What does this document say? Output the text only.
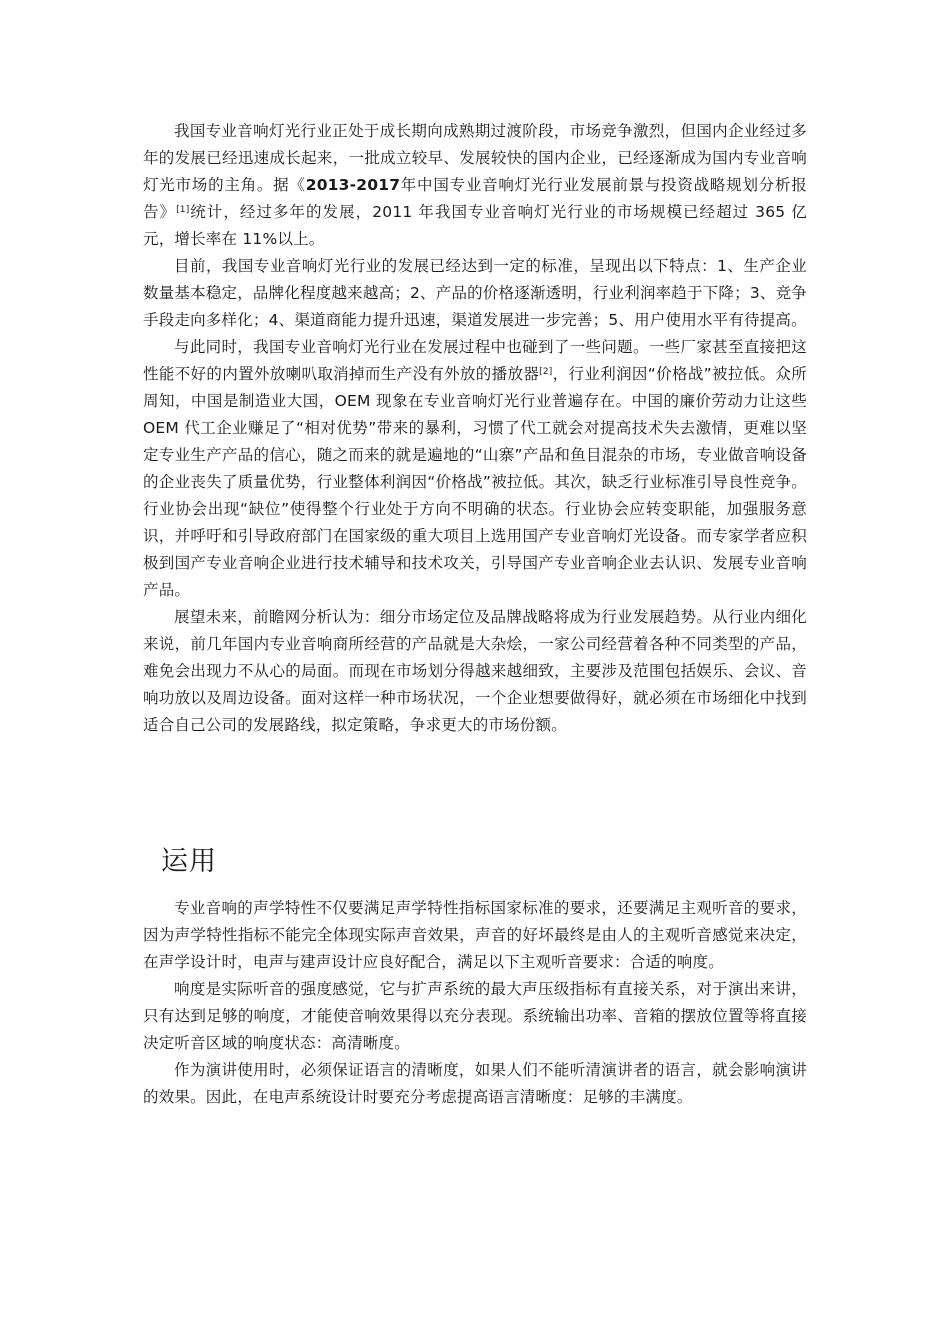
我国专业音响灯光行业正处于成长期向成熟期过渡阶段，市场竞争激烈，但国内企业经过多年的发展已经迅速成长起来，一批成立较早、发展较快的国内企业，已经逐渐成为国内专业音响灯光市场的主角。据《2013-2017年中国专业音响灯光行业发展前景与投资战略规划分析报告》[1]统计，经过多年的发展，2011 年我国专业音响灯光行业的市场规模已经超过 365 亿元，增长率在 11%以上。

目前，我国专业音响灯光行业的发展已经达到一定的标准，呈现出以下特点：1、生产企业数量基本稳定，品牌化程度越来越高；2、产品的价格逐渐透明，行业利润率趋于下降；3、竞争手段走向多样化；4、渠道商能力提升迅速，渠道发展进一步完善；5、用户使用水平有待提高。

与此同时，我国专业音响灯光行业在发展过程中也碰到了一些问题。一些厂家甚至直接把这性能不好的内置外放喇叭取消掉而生产没有外放的播放器[2]，行业利润因“价格战”被拉低。众所周知，中国是制造业大国，OEM 现象在专业音响灯光行业普遍存在。中国的廉价劳动力让这些 OEM 代工企业赚足了“相对优势”带来的暴利，习惯了代工就会对提高技术失去激情，更难以坚定专业生产产品的信心，随之而来的就是遍地的“山寨”产品和鱼目混杂的市场，专业做音响设备的企业丧失了质量优势，行业整体利润因“价格战”被拉低。其次，缺乏行业标准引导良性竞争。行业协会出现“缺位”使得整个行业处于方向不明确的状态。行业协会应转变职能，加强服务意识，并呼吁和引导政府部门在国家级的重大项目上选用国产专业音响灯光设备。而专家学者应积极到国产专业音响企业进行技术辅导和技术攻关，引导国产专业音响企业去认识、发展专业音响产品。

展望未来，前瞻网分析认为：细分市场定位及品牌战略将成为行业发展趋势。从行业内细化来说，前几年国内专业音响商所经营的产品就是大杂烩，一家公司经营着各种不同类型的产品，难免会出现力不从心的局面。而现在市场划分得越来越细致，主要涉及范围包括娱乐、会议、音响功放以及周边设备。面对这样一种市场状况，一个企业想要做得好，就必须在市场细化中找到适合自己公司的发展路线，拟定策略，争求更大的市场份额。

运用

专业音响的声学特性不仅要满足声学特性指标国家标准的要求，还要满足主观听音的要求，因为声学特性指标不能完全体现实际声音效果，声音的好坏最终是由人的主观听音感觉来决定，在声学设计时，电声与建声设计应良好配合，满足以下主观听音要求：合适的响度。

响度是实际听音的强度感觉，它与扩声系统的最大声压级指标有直接关系，对于演出来讲，只有达到足够的响度，才能使音响效果得以充分表现。系统输出功率、音箱的摆放位置等将直接决定听音区域的响度状态：高清晰度。

作为演讲使用时，必须保证语言的清晰度，如果人们不能听清演讲者的语言，就会影响演讲的效果。因此，在电声系统设计时要充分考虑提高语言清晰度：足够的丰满度。
